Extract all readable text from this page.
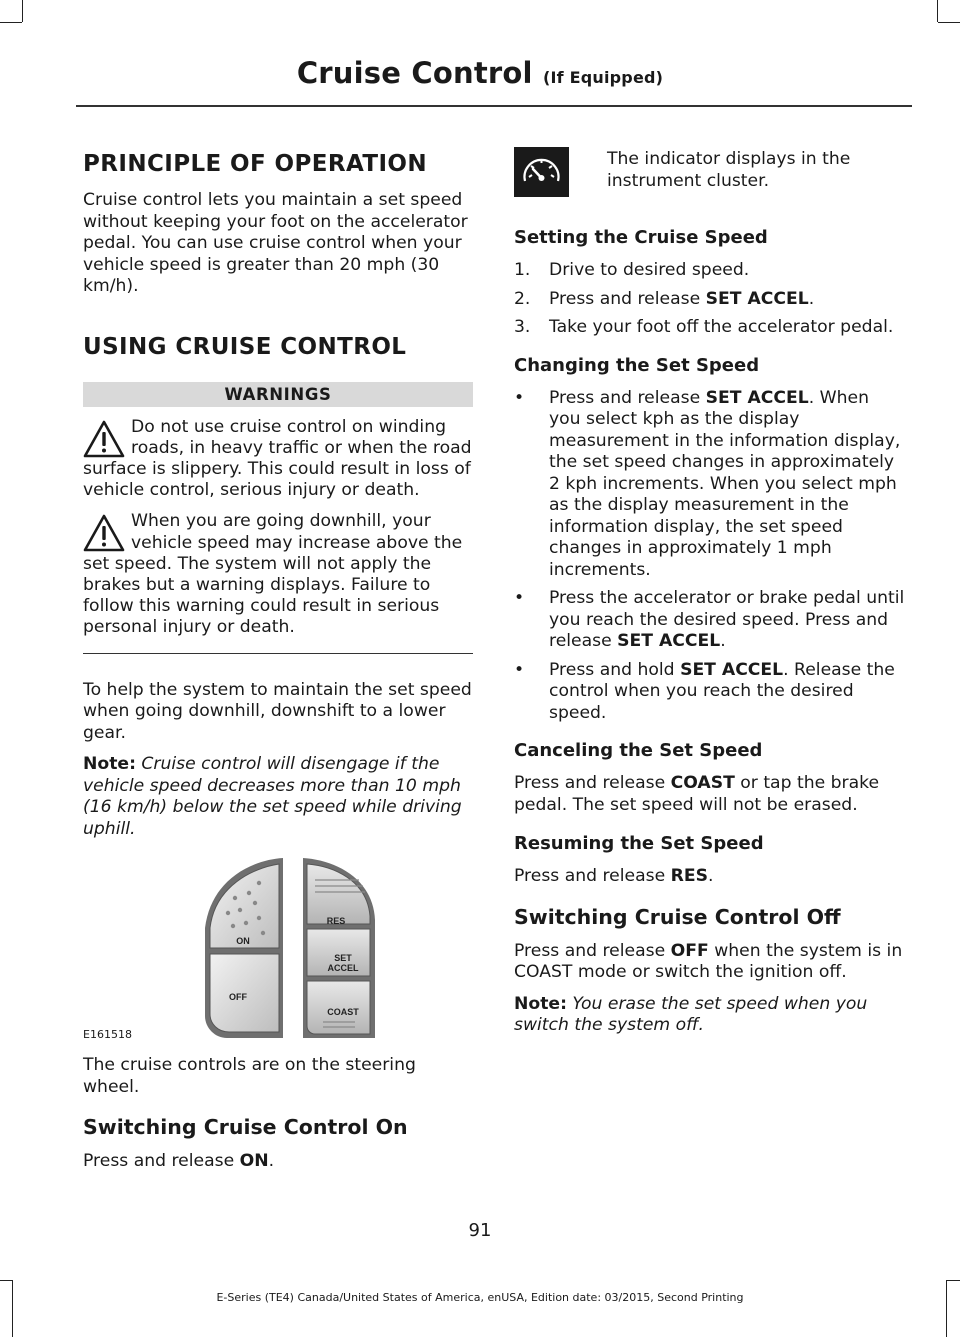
Cruise Control (If Equipped)
PRINCIPLE OF OPERATION

Cruise control lets you maintain a set speed without keeping your foot on the accelerator pedal. You can use cruise control when your vehicle speed is greater than 20 mph (30 km/h).

USING CRUISE CONTROL
WARNINGS

Do not use cruise control on winding roads, in heavy traffic or when the road surface is slippery. This could result in loss of vehicle control, serious injury or death.

When you are going downhill, your vehicle speed may increase above the set speed. The system will not apply the brakes but a warning displays. Failure to follow this warning could result in serious personal injury or death.

To help the system to maintain the set speed when going downhill, downshift to a lower gear.

Note: Cruise control will disengage if the vehicle speed decreases more than 10 mph (16 km/h) below the set speed while driving uphill.

ON
OFF
RES
SET
ACCEL
COAST
E161518

The cruise controls are on the steering wheel.

Switching Cruise Control On

Press and release ON.

The indicator displays in the instrument cluster.

Setting the Cruise Speed
1. Drive to desired speed.
2. Press and release SET ACCEL.
3. Take your foot off the accelerator pedal.
Changing the Set Speed
• Press and release SET ACCEL. When you select kph as the display measurement in the information display, the set speed changes in approximately 2 kph increments. When you select mph as the display measurement in the information display, the set speed changes in approximately 1 mph increments.
• Press the accelerator or brake pedal until you reach the desired speed. Press and release SET ACCEL.
• Press and hold SET ACCEL. Release the control when you reach the desired speed.
Canceling the Set Speed

Press and release COAST or tap the brake pedal. The set speed will not be erased.

Resuming the Set Speed

Press and release RES.

Switching Cruise Control Off

Press and release OFF when the system is in COAST mode or switch the ignition off.

Note: You erase the set speed when you switch the system off.

91
E-Series (TE4) Canada/United States of America, enUSA, Edition date: 03/2015, Second Printing
